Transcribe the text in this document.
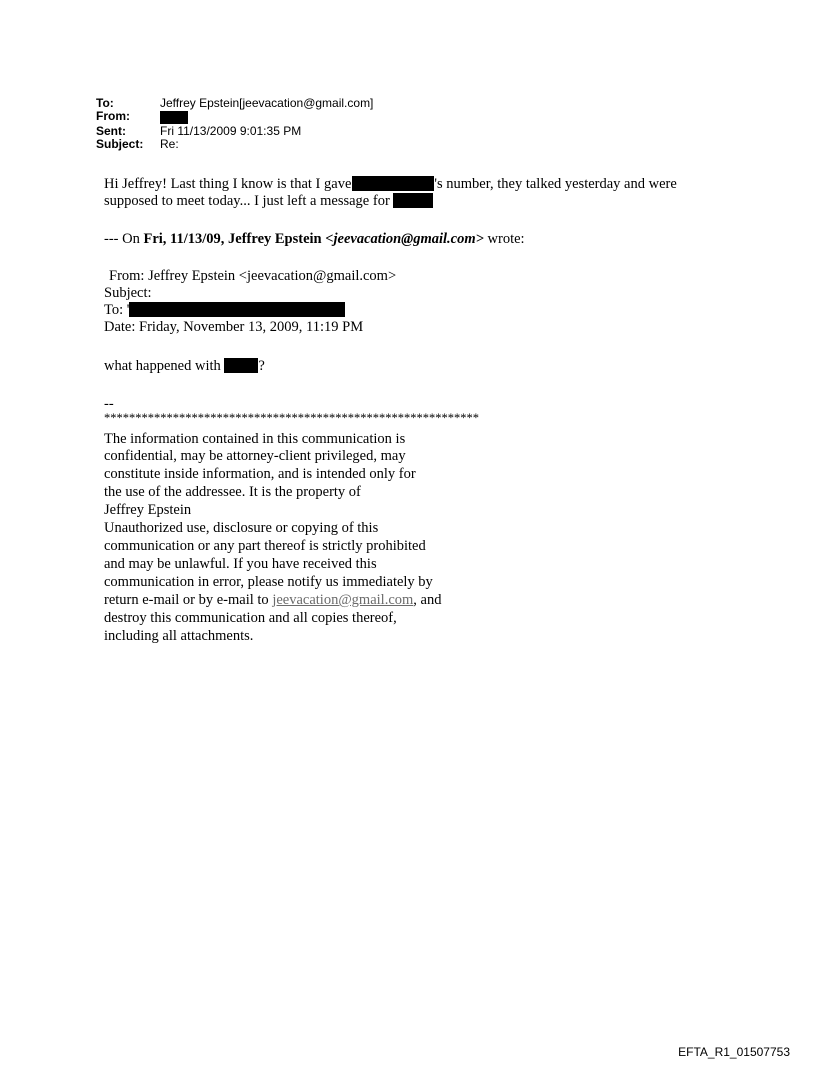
To:	Jeffrey Epstein[jeevacation@gmail.com]
From:
Sent:	Fri 11/13/2009 9:01:35 PM
Subject: Re:
Hi Jeffrey! Last thing I know is that I gave	's number, they talked yesterday and were
supposed to meet today... I just left a message for
--- On Fri, 11/13/09, Jeffrey Epstein <jeevacation@gmail.com> wrote:
From: Jeffrey Epstein <jeevacation@gmail.com>
Subject:
To: '
Date: Friday, November 13, 2009, 11:19 PM
what happened with	?
--
************************************************************
The information contained in this communication is
confidential, may be attorney-client privileged, may
constitute inside information, and is intended only for
the use of the addressee. It is the property of
Jeffrey Epstein
Unauthorized use, disclosure or copying of this
communication or any part thereof is strictly prohibited
and may be unlawful. If you have received this
communication in error, please notify us immediately by
return e-mail or by e-mail to jeevacation@gmail.com, and
destroy this communication and all copies thereof,
including all attachments.
EFTA_R1_01507753
